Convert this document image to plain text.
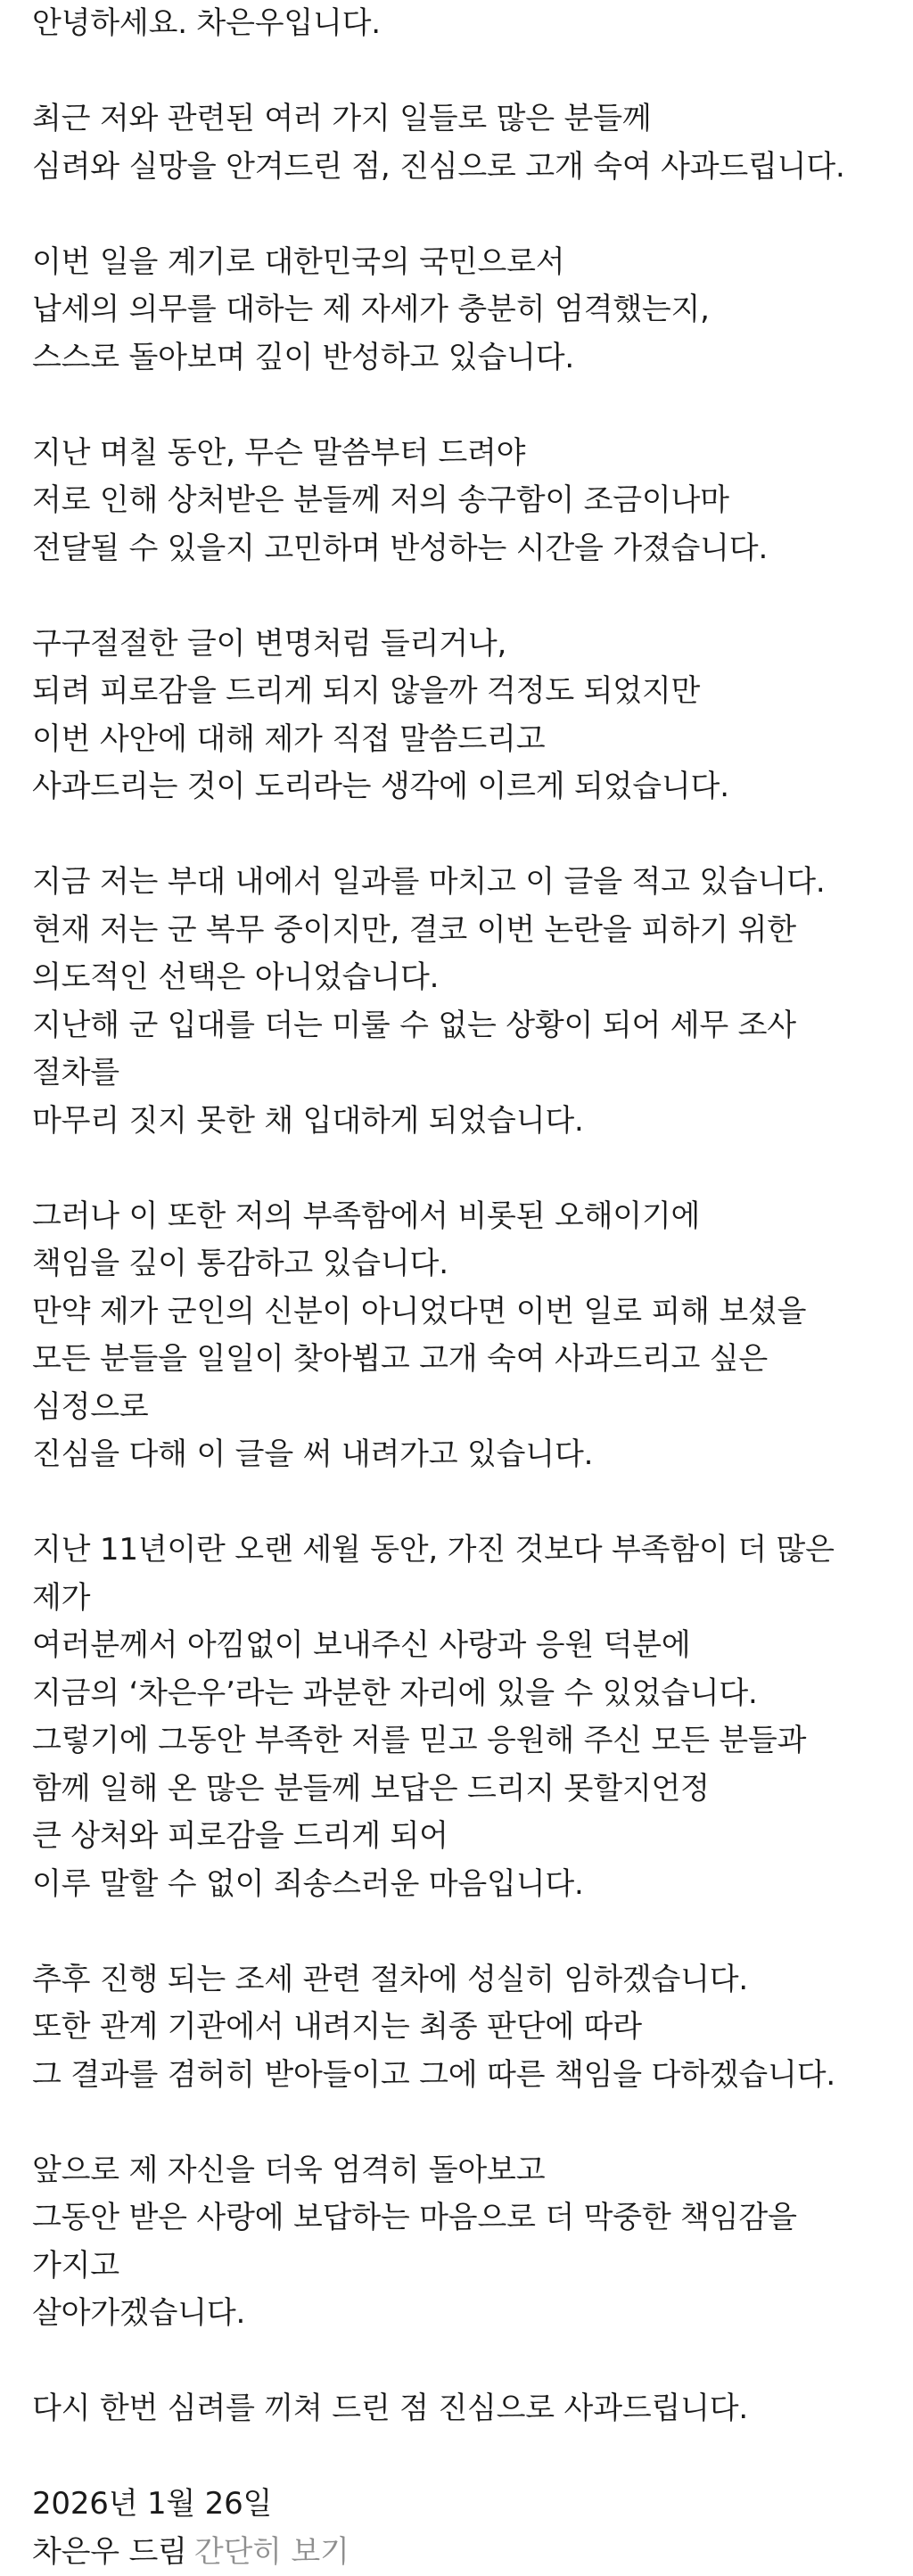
안녕하세요. 차은우입니다.
최근 저와 관련된 여러 가지 일들로 많은 분들께
심려와 실망을 안겨드린 점, 진심으로 고개 숙여 사과드립니다.
이번 일을 계기로 대한민국의 국민으로서
납세의 의무를 대하는 제 자세가 충분히 엄격했는지,
스스로 돌아보며 깊이 반성하고 있습니다.
지난 며칠 동안, 무슨 말씀부터 드려야
저로 인해 상처받은 분들께 저의 송구함이 조금이나마
전달될 수 있을지 고민하며 반성하는 시간을 가졌습니다.
구구절절한 글이 변명처럼 들리거나,
되려 피로감을 드리게 되지 않을까 걱정도 되었지만
이번 사안에 대해 제가 직접 말씀드리고
사과드리는 것이 도리라는 생각에 이르게 되었습니다.
지금 저는 부대 내에서 일과를 마치고 이 글을 적고 있습니다.
현재 저는 군 복무 중이지만, 결코 이번 논란을 피하기 위한
의도적인 선택은 아니었습니다.
지난해 군 입대를 더는 미룰 수 없는 상황이 되어 세무 조사
절차를
마무리 짓지 못한 채 입대하게 되었습니다.
그러나 이 또한 저의 부족함에서 비롯된 오해이기에
책임을 깊이 통감하고 있습니다.
만약 제가 군인의 신분이 아니었다면 이번 일로 피해 보셨을
모든 분들을 일일이 찾아뵙고 고개 숙여 사과드리고 싶은
심정으로
진심을 다해 이 글을 써 내려가고 있습니다.
지난 11년이란 오랜 세월 동안, 가진 것보다 부족함이 더 많은
제가
여러분께서 아낌없이 보내주신 사랑과 응원 덕분에
지금의 ‘차은우’라는 과분한 자리에 있을 수 있었습니다.
그렇기에 그동안 부족한 저를 믿고 응원해 주신 모든 분들과
함께 일해 온 많은 분들께 보답은 드리지 못할지언정
큰 상처와 피로감을 드리게 되어
이루 말할 수 없이 죄송스러운 마음입니다.
추후 진행 되는 조세 관련 절차에 성실히 임하겠습니다.
또한 관계 기관에서 내려지는 최종 판단에 따라
그 결과를 겸허히 받아들이고 그에 따른 책임을 다하겠습니다.
앞으로 제 자신을 더욱 엄격히 돌아보고
그동안 받은 사랑에 보답하는 마음으로 더 막중한 책임감을
가지고
살아가겠습니다.
다시 한번 심려를 끼쳐 드린 점 진심으로 사과드립니다.
2026년 1월 26일
차은우 드림 간단히 보기
